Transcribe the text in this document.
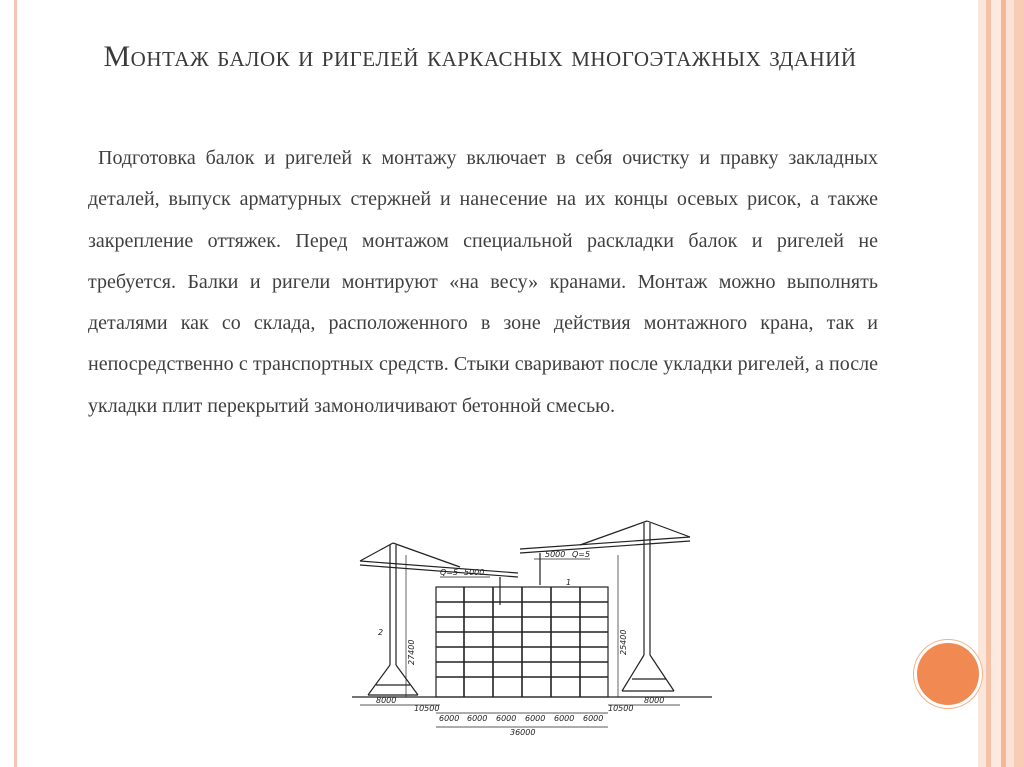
Монтаж балок и ригелей каркасных многоэтажных зданий
Подготовка балок и ригелей к монтажу включает в себя очистку и правку закладных деталей, выпуск арматурных стержней и нанесение на их концы осевых рисок, а также закрепление оттяжек. Перед монтажом специальной раскладки балок и ригелей не требуется. Балки и ригели монтируют «на весу» кранами. Монтаж можно выполнять деталями как со склада, расположенного в зоне действия монтажного крана, так и непосредственно с транспортных средств. Стыки сваривают после укладки ригелей, а после укладки плит перекрытий замоноличивают бетонной смесью.
2
1
5000 Q=5
Q=5 5000
27400	25400
8000
10500
6000 6000 6000 6000 6000 6000
10500
8000
36000
